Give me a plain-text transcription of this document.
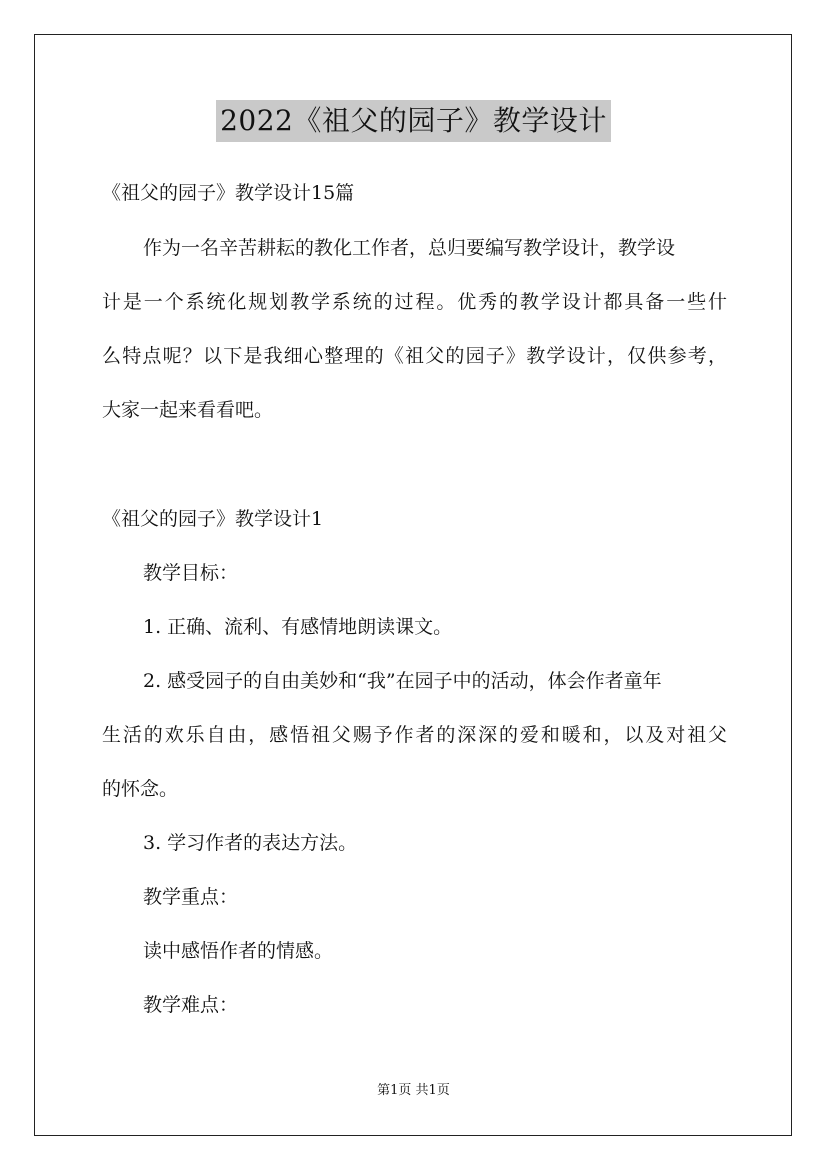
2022《祖父的园子》教学设计
《祖父的园子》教学设计15篇
作为一名辛苦耕耘的教化工作者，总归要编写教学设计，教学设
计是一个系统化规划教学系统的过程。优秀的教学设计都具备一些什
么特点呢？以下是我细心整理的《祖父的园子》教学设计，仅供参考，
大家一起来看看吧。
《祖父的园子》教学设计1
教学目标：
1. 正确、流利、有感情地朗读课文。
2. 感受园子的自由美妙和“我”在园子中的活动，体会作者童年
生活的欢乐自由，感悟祖父赐予作者的深深的爱和暖和，以及对祖父
的怀念。
3. 学习作者的表达方法。
教学重点：
读中感悟作者的情感。
教学难点：
第1页 共1页
